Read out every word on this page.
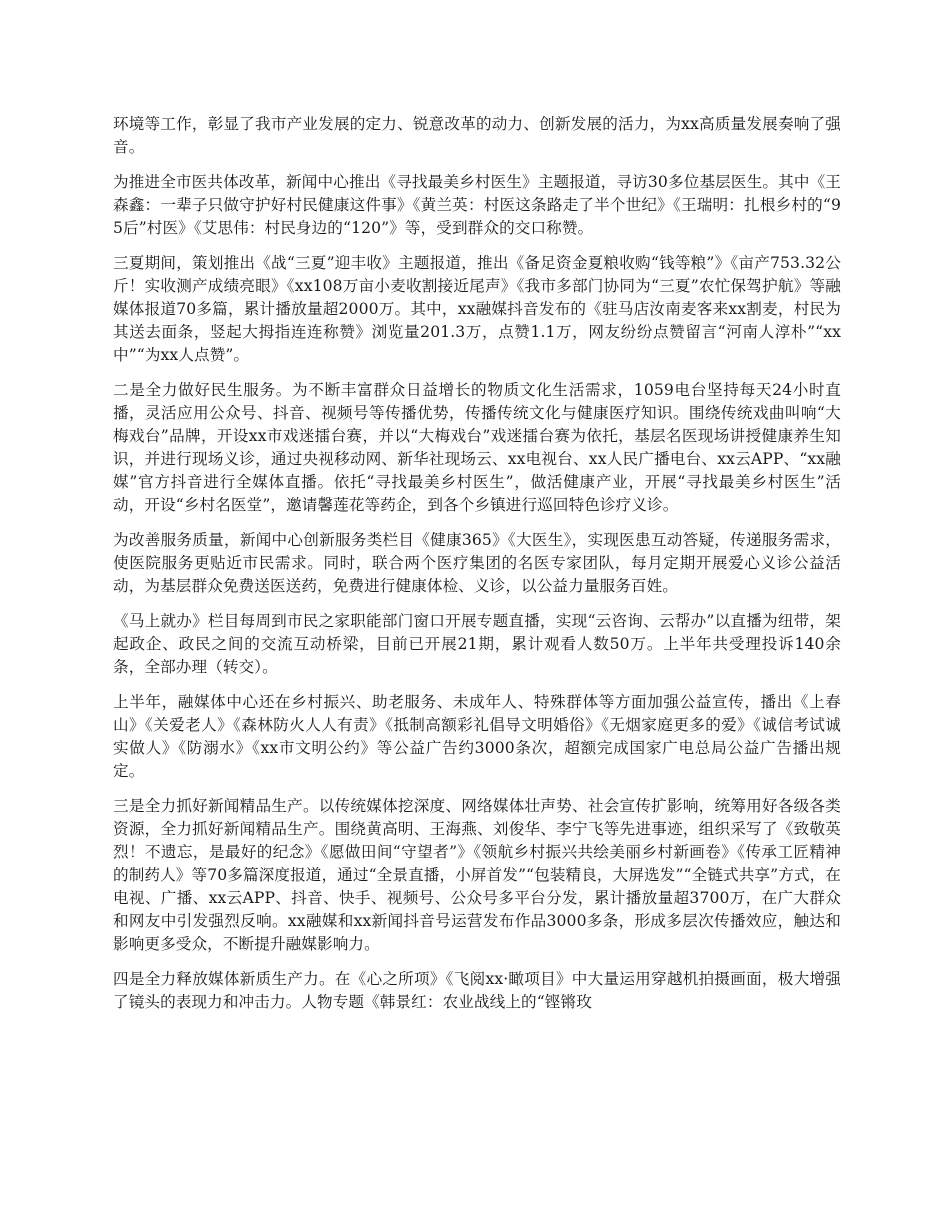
环境等工作，彰显了我市产业发展的定力、锐意改革的动力、创新发展的活力，为xx高质量发展奏响了强音。

为推进全市医共体改革，新闻中心推出《寻找最美乡村医生》主题报道，寻访30多位基层医生。其中《王森鑫：一辈子只做守护好村民健康这件事》《黄兰英：村医这条路走了半个世纪》《王瑞明：扎根乡村的“95后”村医》《艾思伟：村民身边的“120”》等，受到群众的交口称赞。

三夏期间，策划推出《战“三夏”迎丰收》主题报道，推出《备足资金夏粮收购“钱等粮”》《亩产753.32公斤！实收测产成绩亮眼》《xx108万亩小麦收割接近尾声》《我市多部门协同为“三夏”农忙保驾护航》等融媒体报道70多篇，累计播放量超2000万。其中，xx融媒抖音发布的《驻马店汝南麦客来xx割麦，村民为其送去面条，竖起大拇指连连称赞》浏览量201.3万，点赞1.1万，网友纷纷点赞留言“河南人淳朴”“xx中”“为xx人点赞”。

二是全力做好民生服务。为不断丰富群众日益增长的物质文化生活需求，1059电台坚持每天24小时直播，灵活应用公众号、抖音、视频号等传播优势，传播传统文化与健康医疗知识。围绕传统戏曲叫响“大梅戏台”品牌，开设xx市戏迷擂台赛，并以“大梅戏台”戏迷擂台赛为依托，基层名医现场讲授健康养生知识，并进行现场义诊，通过央视移动网、新华社现场云、xx电视台、xx人民广播电台、xx云APP、“xx融媒”官方抖音进行全媒体直播。依托“寻找最美乡村医生”，做活健康产业，开展“寻找最美乡村医生”活动，开设“乡村名医堂”，邀请馨莲花等药企，到各个乡镇进行巡回特色诊疗义诊。

为改善服务质量，新闻中心创新服务类栏目《健康365》《大医生》，实现医患互动答疑，传递服务需求，使医院服务更贴近市民需求。同时，联合两个医疗集团的名医专家团队，每月定期开展爱心义诊公益活动，为基层群众免费送医送药，免费进行健康体检、义诊，以公益力量服务百姓。

《马上就办》栏目每周到市民之家职能部门窗口开展专题直播，实现“云咨询、云帮办”以直播为纽带，架起政企、政民之间的交流互动桥梁，目前已开展21期，累计观看人数50万。上半年共受理投诉140余条，全部办理（转交）。

上半年，融媒体中心还在乡村振兴、助老服务、未成年人、特殊群体等方面加强公益宣传，播出《上春山》《关爱老人》《森林防火人人有责》《抵制高额彩礼倡导文明婚俗》《无烟家庭更多的爱》《诚信考试诚实做人》《防溺水》《xx市文明公约》等公益广告约3000条次，超额完成国家广电总局公益广告播出规定。

三是全力抓好新闻精品生产。以传统媒体挖深度、网络媒体壮声势、社会宣传扩影响，统筹用好各级各类资源，全力抓好新闻精品生产。围绕黄高明、王海燕、刘俊华、李宁飞等先进事迹，组织采写了《致敬英烈！不遗忘，是最好的纪念》《愿做田间“守望者”》《领航乡村振兴共绘美丽乡村新画卷》《传承工匠精神的制药人》等70多篇深度报道，通过“全景直播，小屏首发”“包装精良，大屏选发”“全链式共享”方式，在电视、广播、xx云APP、抖音、快手、视频号、公众号多平台分发，累计播放量超3700万，在广大群众和网友中引发强烈反响。xx融媒和xx新闻抖音号运营发布作品3000多条，形成多层次传播效应，触达和影响更多受众，不断提升融媒影响力。

四是全力释放媒体新质生产力。在《心之所项》《飞阅xx·瞰项目》中大量运用穿越机拍摄画面，极大增强了镜头的表现力和冲击力。人物专题《韩景红：农业战线上的“铿锵玫
